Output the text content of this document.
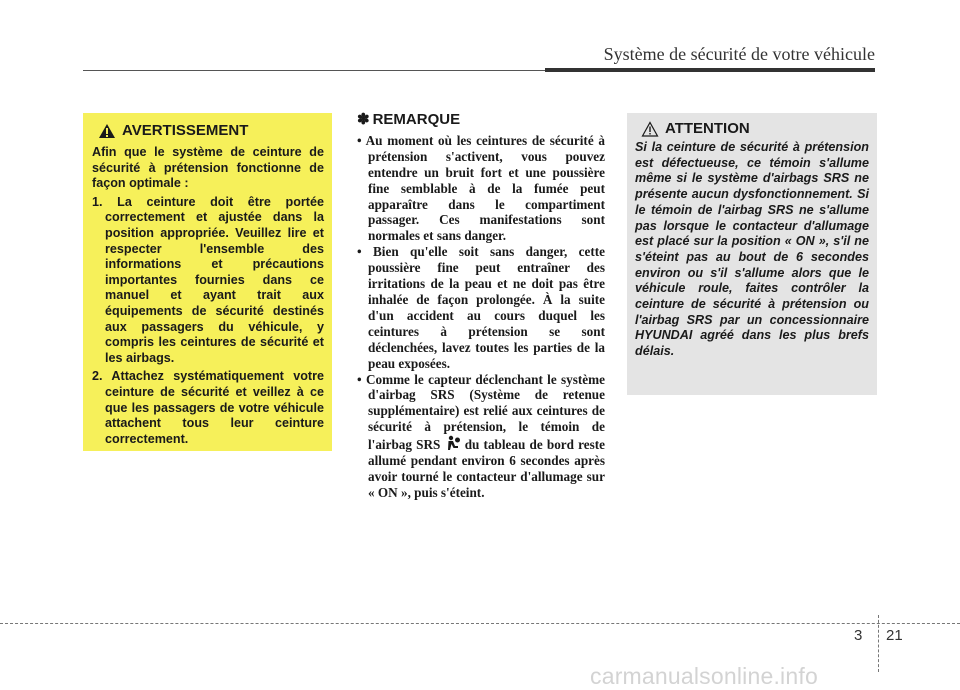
Système de sécurité de votre véhicule
AVERTISSEMENT
Afin que le système de ceinture de sécurité à prétension fonctionne de façon optimale :
1. La ceinture doit être portée correctement et ajustée dans la position appropriée. Veuillez lire et respecter l'ensemble des informations et précautions importantes fournies dans ce manuel et ayant trait aux équipements de sécurité destinés aux passagers du véhicule, y compris les ceintures de sécurité et les airbags.
2. Attachez systématiquement votre ceinture de sécurité et veillez à ce que les passagers de votre véhicule attachent tous leur ceinture correctement.
✽ REMARQUE
• Au moment où les ceintures de sécurité à prétension s'activent, vous pouvez entendre un bruit fort et une poussière fine semblable à de la fumée peut apparaître dans le compartiment passager. Ces manifestations sont normales et sans danger.
• Bien qu'elle soit sans danger, cette poussière fine peut entraîner des irritations de la peau et ne doit pas être inhalée de façon prolongée. À la suite d'un accident au cours duquel les ceintures à prétension se sont déclenchées, lavez toutes les parties de la peau exposées.
• Comme le capteur déclenchant le système d'airbag SRS (Système de retenue supplémentaire) est relié aux ceintures de sécurité à prétension, le témoin de l'airbag SRS  du tableau de bord reste allumé pendant environ 6 secondes après avoir tourné le contacteur d'allumage sur « ON », puis s'éteint.
ATTENTION
Si la ceinture de sécurité à prétension est défectueuse, ce témoin s'allume même si le système d'airbags SRS ne présente aucun dysfonctionnement. Si le témoin de l'airbag SRS ne s'allume pas lorsque le contacteur d'allumage est placé sur la position « ON », s'il ne s'éteint pas au bout de 6 secondes environ ou s'il s'allume alors que le véhicule roule, faites contrôler la ceinture de sécurité à prétension ou l'airbag SRS par un concessionnaire HYUNDAI agréé dans les plus brefs délais.
3 21
carmanualsonline.info
